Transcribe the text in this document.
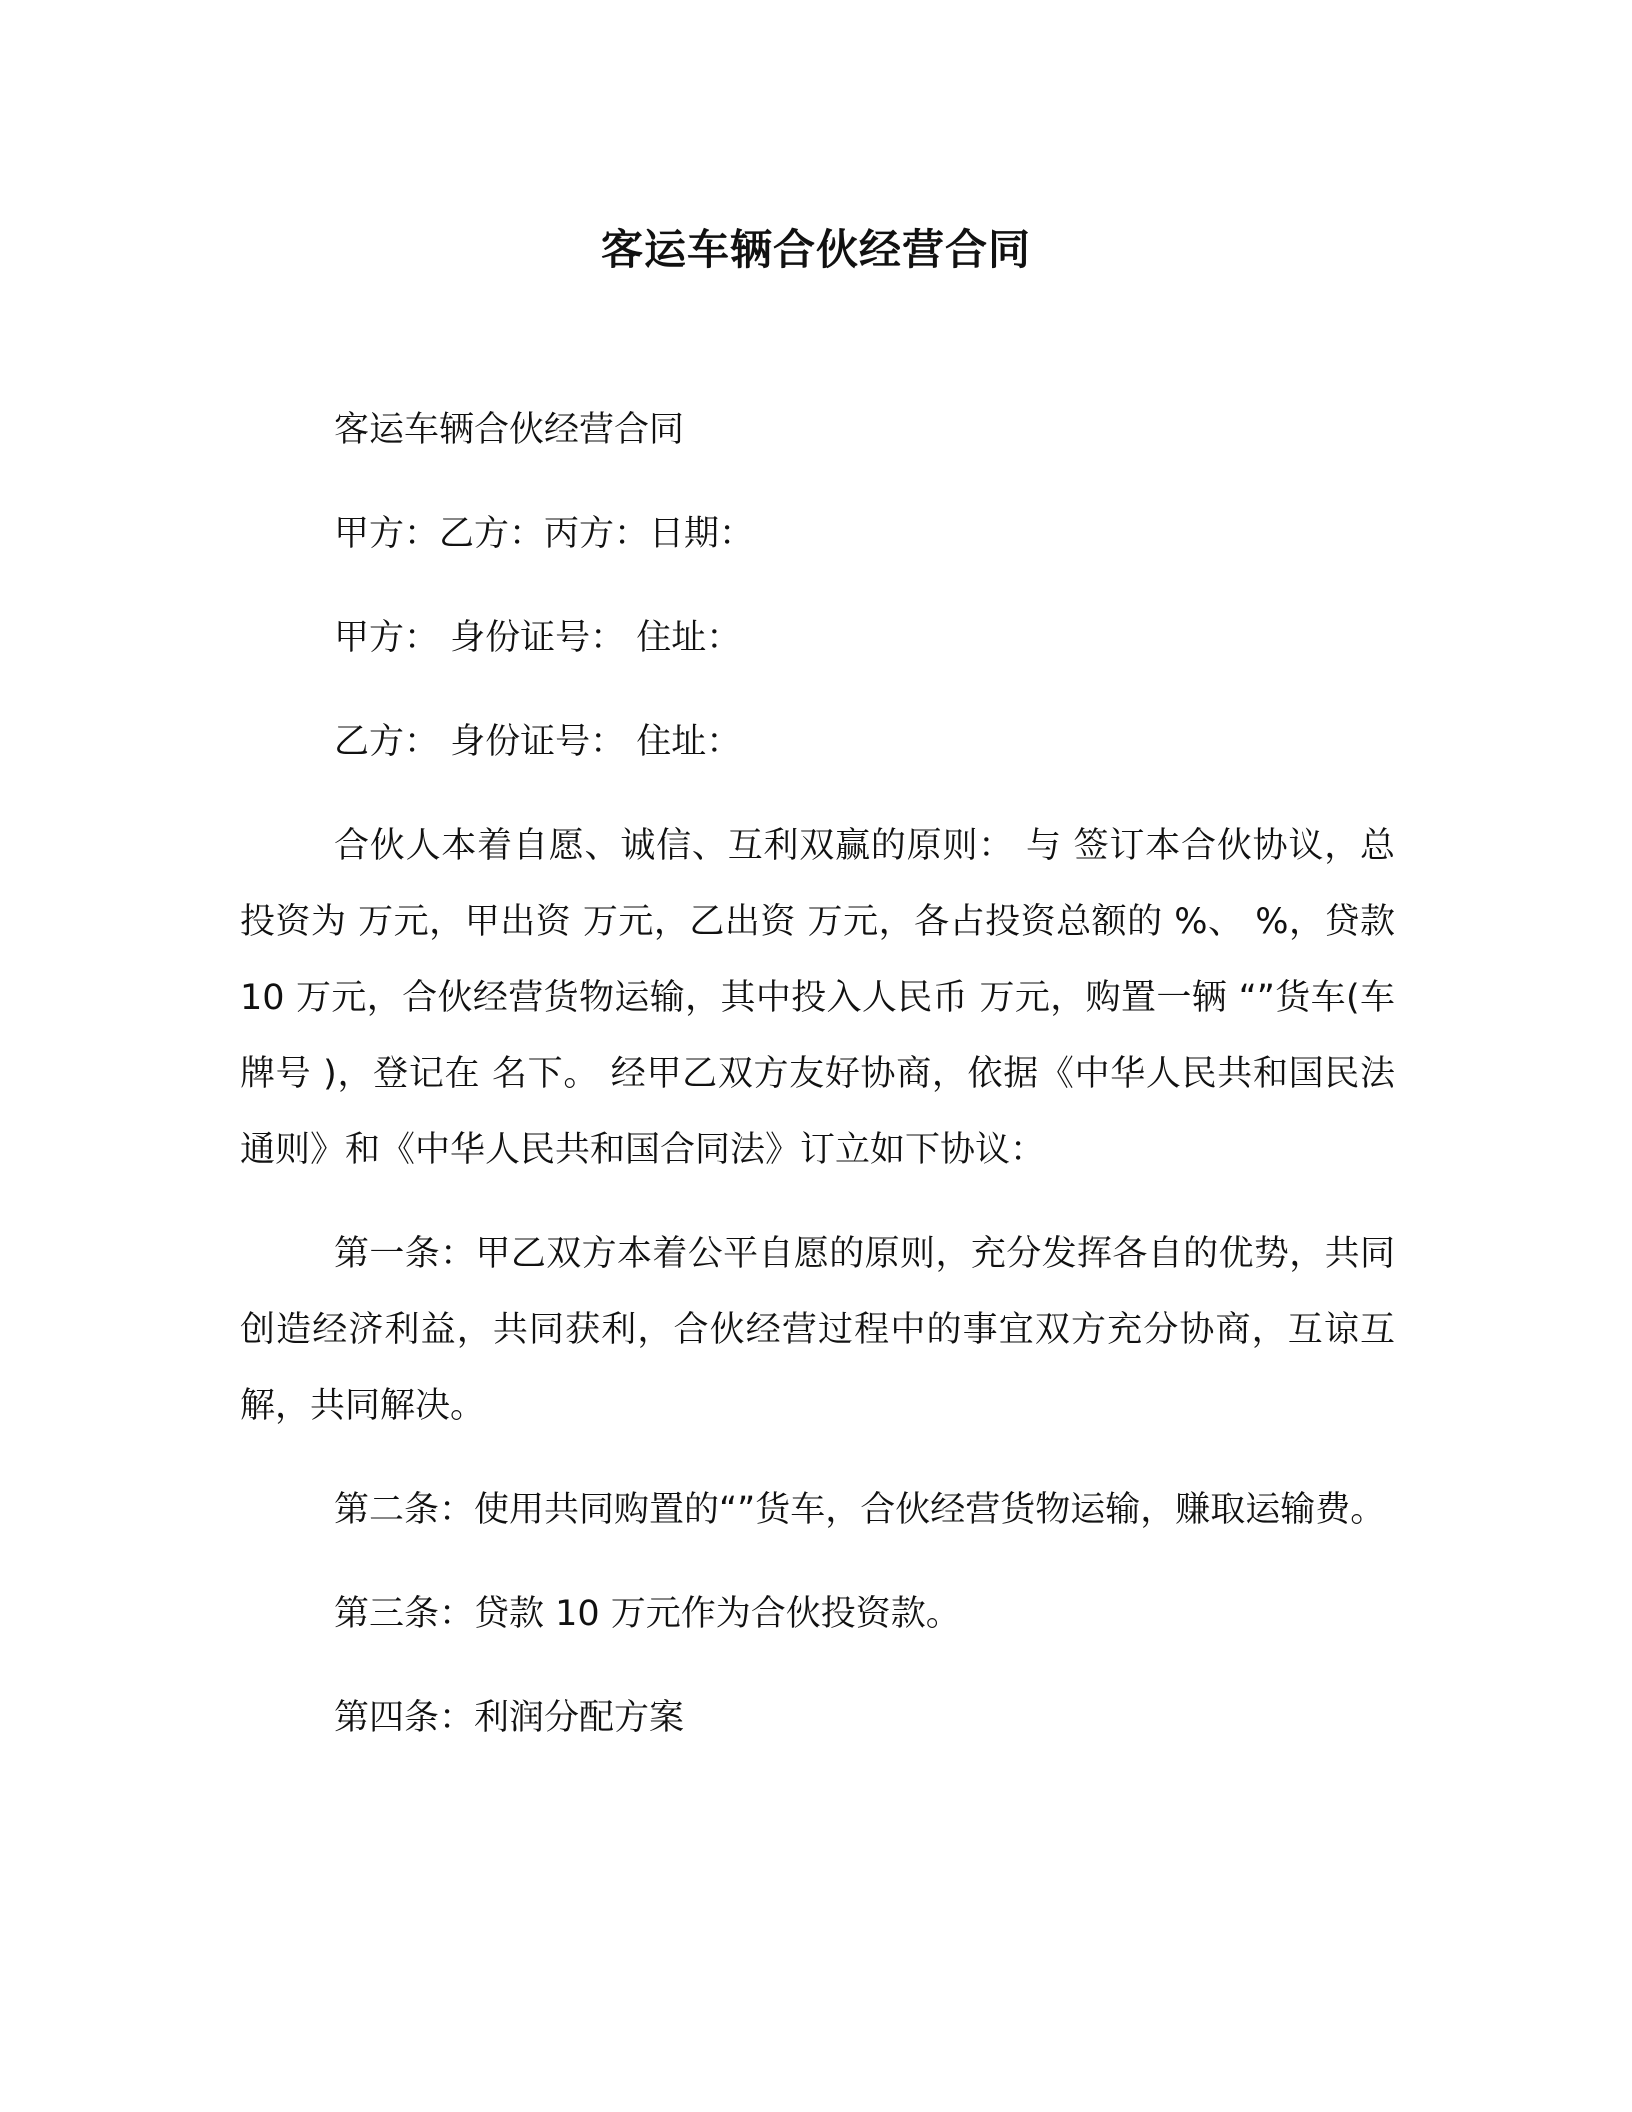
客运车辆合伙经营合同

客运车辆合伙经营合同

甲方：乙方：丙方：日期：

甲方： 身份证号： 住址：

乙方： 身份证号： 住址：

合伙人本着自愿、诚信、互利双赢的原则： 与 签订本合伙协议，总投资为 万元，甲出资 万元，乙出资 万元，各占投资总额的 %、 %，贷款 10 万元，合伙经营货物运输，其中投入人民币 万元，购置一辆 “”货车(车牌号 )，登记在 名下。 经甲乙双方友好协商，依据《中华人民共和国民法通则》和《中华人民共和国合同法》订立如下协议：

第一条：甲乙双方本着公平自愿的原则，充分发挥各自的优势，共同创造经济利益，共同获利，合伙经营过程中的事宜双方充分协商，互谅互解，共同解决。

第二条：使用共同购置的“”货车，合伙经营货物运输，赚取运输费。

第三条：贷款 10 万元作为合伙投资款。

第四条：利润分配方案
